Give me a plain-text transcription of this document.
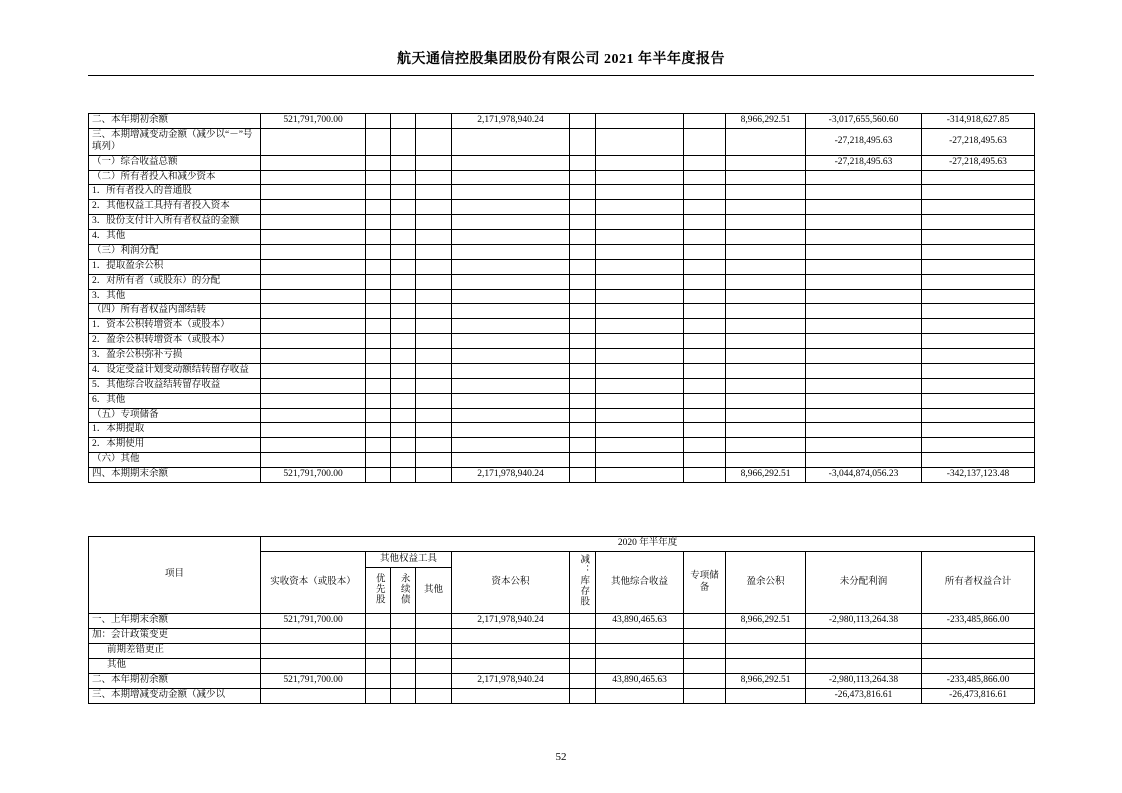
航天通信控股集团股份有限公司 2021 年半年度报告
二、本年期初余额	521,791,700.00				2,171,978,940.24				8,966,292.51	-3,017,655,560.60	-314,918,627.85
三、本期增减变动金额（减少以“－”号填列）										-27,218,495.63	-27,218,495.63
（一）综合收益总额										-27,218,495.63	-27,218,495.63
（二）所有者投入和减少资本											
1．所有者投入的普通股											
2．其他权益工具持有者投入资本											
3．股份支付计入所有者权益的金额											
4．其他											
（三）利润分配											
1．提取盈余公积											
2．对所有者（或股东）的分配											
3．其他											
（四）所有者权益内部结转											
1．资本公积转增资本（或股本）											
2．盈余公积转增资本（或股本）											
3．盈余公积弥补亏损											
4．设定受益计划变动额结转留存收益											
5．其他综合收益结转留存收益											
6．其他											
（五）专项储备											
1．本期提取											
2．本期使用											
（六）其他											
四、本期期末余额	521,791,700.00				2,171,978,940.24				8,966,292.51	-3,044,874,056.23	-342,137,123.48
项目	2020 年半年度										
	实收资本（或股本）	其他权益工具			资本公积	减：库存股	其他综合收益	专项储备	盈余公积	未分配利润	所有者权益合计
		优先股	永续债	其他							
一、上年期末余额	521,791,700.00				2,171,978,940.24		43,890,465.63		8,966,292.51	-2,980,113,264.38	-233,485,866.00
加：会计政策变更											
前期差错更正											
其他											
二、本年期初余额	521,791,700.00				2,171,978,940.24		43,890,465.63		8,966,292.51	-2,980,113,264.38	-233,485,866.00
三、本期增减变动金额（减少以										-26,473,816.61	-26,473,816.61
52
